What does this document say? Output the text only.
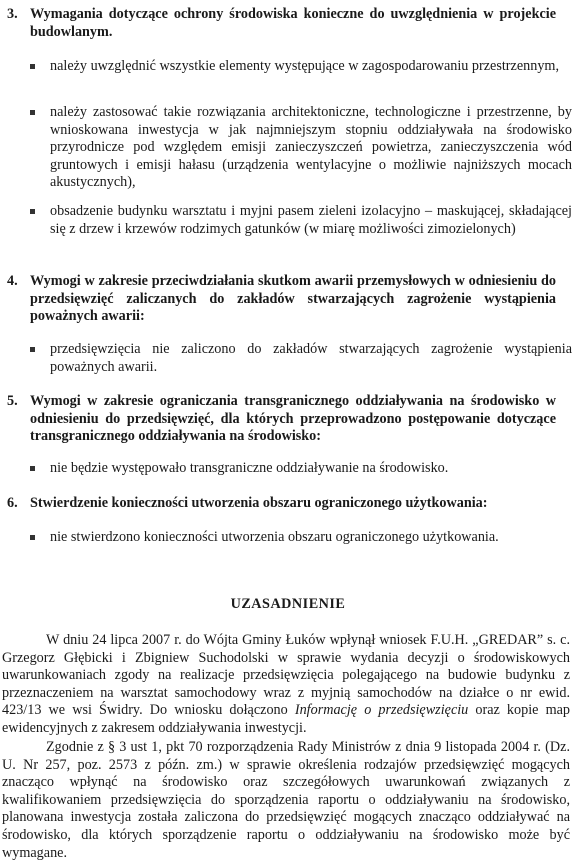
3. Wymagania dotyczące ochrony środowiska konieczne do uwzględnienia w projekcie budowlanym.
należy uwzględnić wszystkie elementy występujące w zagospodarowaniu przestrzennym,
należy zastosować takie rozwiązania architektoniczne, technologiczne i przestrzenne, by wnioskowana inwestycja w jak najmniejszym stopniu oddziaływała na środowisko przyrodnicze pod względem emisji zanieczyszczeń powietrza, zanieczyszczenia wód gruntowych i emisji hałasu (urządzenia wentylacyjne o możliwie najniższych mocach akustycznych),
obsadzenie budynku warsztatu i myjni pasem zieleni izolacyjno – maskującej, składającej się z drzew i krzewów rodzimych gatunków (w miarę możliwości zimozielonych)
4. Wymogi w zakresie przeciwdziałania skutkom awarii przemysłowych w odniesieniu do przedsięwzięć zaliczanych do zakładów stwarzających zagrożenie wystąpienia poważnych awarii:
przedsięwzięcia nie zaliczono do zakładów stwarzających zagrożenie wystąpienia poważnych awarii.
5. Wymogi w zakresie ograniczania transgranicznego oddziaływania na środowisko w odniesieniu do przedsięwzięć, dla których przeprowadzono postępowanie dotyczące transgranicznego oddziaływania na środowisko:
nie będzie występowało transgraniczne oddziaływanie na środowisko.
6. Stwierdzenie konieczności utworzenia obszaru ograniczonego użytkowania:
nie stwierdzono konieczności utworzenia obszaru ograniczonego użytkowania.
UZASADNIENIE
W dniu 24 lipca 2007 r. do Wójta Gminy Łuków wpłynął wniosek F.U.H. „GREDAR” s. c. Grzegorz Głębicki i Zbigniew Suchodolski w sprawie wydania decyzji o środowiskowych uwarunkowaniach zgody na realizacje przedsięwzięcia polegającego na budowie budynku z przeznaczeniem na warsztat samochodowy wraz z myjnią samochodów na działce o nr ewid. 423/13 we wsi Świdry. Do wniosku dołączono Informację o przedsięwzięciu oraz kopie map ewidencyjnych z zakresem oddziaływania inwestycji.
Zgodnie z § 3 ust 1, pkt 70 rozporządzenia Rady Ministrów z dnia 9 listopada 2004 r. (Dz. U. Nr 257, poz. 2573 z późn. zm.) w sprawie określenia rodzajów przedsięwzięć mogących znacząco wpłynąć na środowisko oraz szczegółowych uwarunkowań związanych z kwalifikowaniem przedsięwzięcia do sporządzenia raportu o oddziaływaniu na środowisko, planowana inwestycja została zaliczona do przedsięwzięć mogących znacząco oddziaływać na środowisko, dla których sporządzenie raportu o oddziaływaniu na środowisko może być wymagane.
